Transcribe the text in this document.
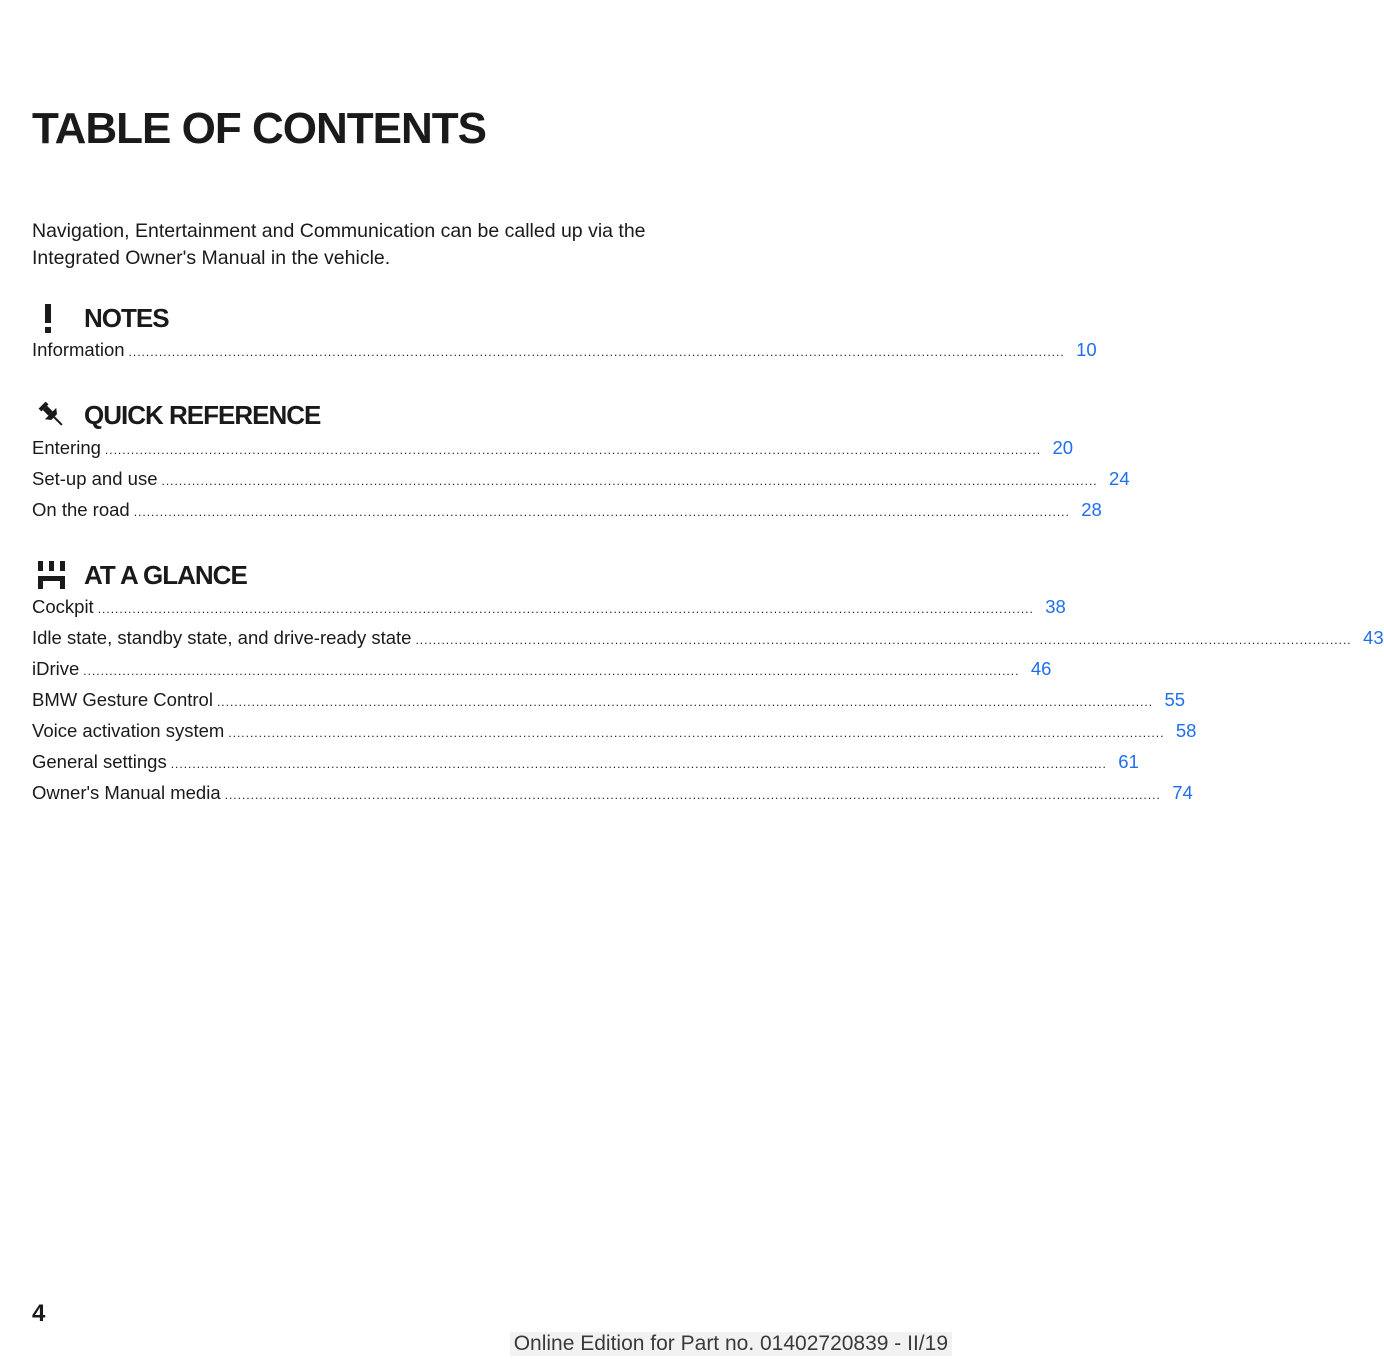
TABLE OF CONTENTS

Navigation, Entertainment and Communication can be called up via the Integrated Owner's Manual in the vehicle.

NOTES
Information ........................................................................................................................................................................................................................ 10
QUICK REFERENCE
Entering ........................................................................................................................................................................................................................ 20
Set-up and use ........................................................................................................................................................................................................................ 24
On the road ........................................................................................................................................................................................................................ 28
AT A GLANCE
Cockpit ........................................................................................................................................................................................................................ 38
Idle state, standby state, and drive-ready state ........................................................................................................................................................................................................................ 43
iDrive ........................................................................................................................................................................................................................ 46
BMW Gesture Control ........................................................................................................................................................................................................................ 55
Voice activation system ........................................................................................................................................................................................................................ 58
General settings ........................................................................................................................................................................................................................ 61
Owner's Manual media ........................................................................................................................................................................................................................ 74
4
Online Edition for Part no. 01402720839 - II/19
